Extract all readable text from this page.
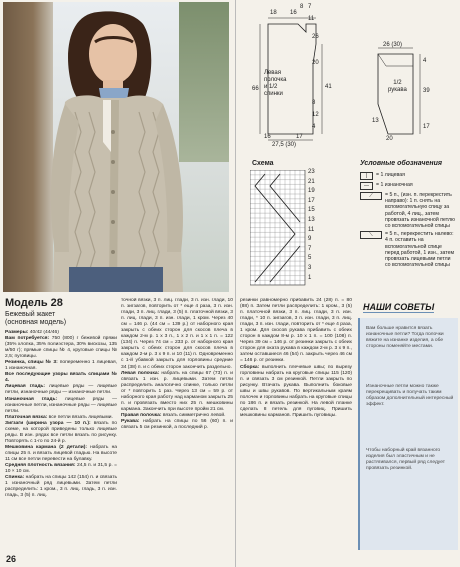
Левая
полочка
и 1/2
спинки
1/2
рукава
18 16
8 7
11
26
41
66
20
8
12
4
27,5 (30)
16	17
26 (30)
4
39
13
20
17
Схема
23
21
19
17
15
13
11
9
7
5
3
1
Условные обозначения
|	= 1 лицевая
—	= 1 изнаночная
⟋	= 5 п., (изн. п. перекрестить направо): 1 п. снять на вспомогательную спицу за работой, 4 лиц., затем провязать изнаночной петлю со вспомогательной спицы
⟍	= 5 п., перекрестить налево: 4 п. оставить на вспомогательной спице перед работой, 1 изн., затем провязать лицевыми петли со вспомогательной спицы
Модель 28
Бежевый жакет
(основная модель)

Размеры: 40/42 (44/46)

Вам потребуется: 750 (800) г бежевой пряжи (35% хлопка, 35% полиэстера, 30% вискозы, 135 м/50 г); прямые спицы № 4, круговые спицы № 2,5; пуговицы.

Резинка, спицы № 3: попеременно 1 лицевая, 1 изнаночная.

Все последующие узоры вязать спицами № 4.

Лицевая гладь: лицевые ряды — лицевые петли, изнаночные ряды — изнаночные петли.

Изнаночная гладь: лицевые ряды — изнаночные петли, изнаночные ряды — лицевые петли.

Платочная вязка: все петли вязать лицевыми.

Зигзаги (ширина узора — 10 п.): вязать по схеме, на которой приведены только лицевые ряды. В изн. рядах все петли вязать по рисунку. Повторять с 1-го по 24-й р.

Мешковина кармана (2 детали): набрать на спицы 25 п. и вязать лицевой гладью. На высоте 11 см все петли перевести на булавку.

Средняя плотность вязания: 24,5 п. и 31,5 р. = 10 × 10 см.

Спинка: набрать на спицы 142 (154) п. и связать 1 изнаночный ряд лицевыми. Затем петли распределить: 1 кром., 3 п. лиц. гладь, 3 п. изн. гладь, 3 (5) п. лиц.

точной вязки, 3 п. лиц. глади, 3 п. изн. глади, 10 п. зигзагов, повторить от * еще 4 раза, 3 п. изн. глади, 3 п. лиц. глади, 3 (5) п. платочной вязки, 3 п. лиц. глади, 3 п. изн. глади, 1 кром. Через 40 см = 146 р. (44 см = 139 р.) от наборного края закрыть с обеих сторон для скосов плеча в каждом 2-м р. 1 х 3 п., 1 х 2 п. и 1 х 1 п. = 122 (134) п. Через 74 см = 233 р. от наборного края закрыть с обеих сторон для скосов плеча в каждом 2-м р. 3 х 9 п. и 10 (11) п. Одновременно с 1-й убавкой закрыть для горловины средние 34 (38) п. и с обеих сторон закончить раздельно.

Левая полочка: набрать на спицы 67 (73) п. и связать 1 изн. р. лицевыми. Затем петли распределить аналогично спинке, только петли от * повторить 1 раз. Через 13 см = 59 р. от наборного края работу над карманом закрыть 25 п. и провязать вместо них 25 п. мешковины кармана. Закончить при высоте пройм 21 см.

Правая полочка: вязать симметрично левой.

Рукава: набрать на спицы по 56 (60) п. и связать 5 см резинкой, а последний р.

резинки равномерно прибавить 24 (28) п. = 80 (88) п. Затем петли распределить: 1 кром., 3 (5) п. платочной вязки, 3 п. лиц. глади, 3 п. изн. глади, * 10 п. зигзагов, 3 п. изн. глади, 3 п. лиц. глади, 3 п. изн. глади, повторить от * еще 4 раза, 1 кром. Для скосов рукава прибавить с обеих сторон в каждом 8-м р. 10 х 1 п. = 100 (108) п. Через 39 см = 146 р. от резинки закрыть с обеих сторон для оката рукава в каждом 2-м р. 3 х 9 п., затем оставшиеся 46 (54) п. закрыть через 46 см = 146 р. от резинки.

Сборка: выполнить плечевые швы; по вырезу горловины набрать на круговые спицы 115 (120) п. и связать 3 см резинкой. Петли закрыть по рисунку. Втачать рукава. Выполнить боковые швы и швы рукавов. По вертикальным краям полочек и горловины набрать на круговые спицы по 186 п. и вязать резинкой. На левой планке сделать 8 петель для пуговиц. Пришить мешковины карманов. Пришить пуговицы.

НАШИ СОВЕТЫ
Вам больше нравится вязать изнаночные петли? Тогда полочки вяжите на изнанке изделия, а обе стороны поменяйте местами.
Изнаночные петли можно также перекрещивать и получать таким образом дополнительный интересный эффект.
Чтобы наборный край вязанного изделия был эластичным и не растягивался, первый ряд следует провязать резинкой.
26
